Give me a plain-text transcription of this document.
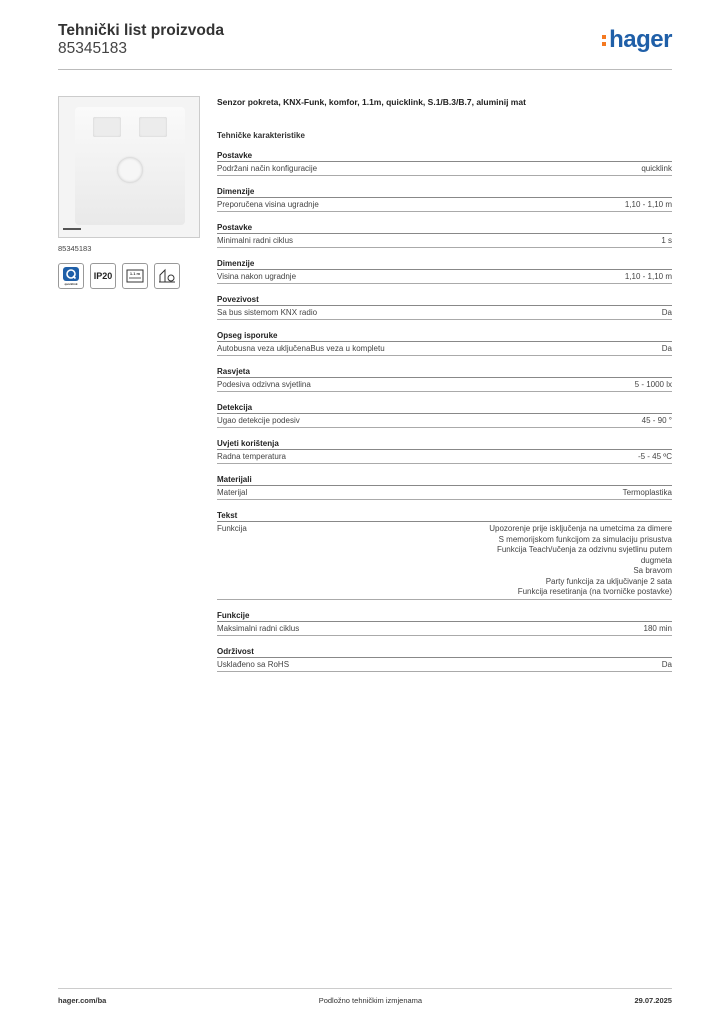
Tehnički list proizvoda
85345183	hager
85345183
quicklink
IP20	1.1 m
Senzor pokreta, KNX-Funk, komfor, 1.1m, quicklink, S.1/B.3/B.7, aluminij mat
Tehničke karakteristike
Postavke
Podržani način konfiguracije	quicklink
Dimenzije
Preporučena visina ugradnje	1,10 - 1,10 m
Postavke
Minimalni radni ciklus	1 s
Dimenzije
Visina nakon ugradnje	1,10 - 1,10 m
Povezivost
Sa bus sistemom KNX radio	Da
Opseg isporuke
Autobusna veza uključenaBus veza u kompletu	Da
Rasvjeta
Podesiva odzivna svjetlina	5 - 1000 lx
Detekcija
Ugao detekcije podesiv	45 - 90 °
Uvjeti korištenja
Radna temperatura	-5 - 45 ºC
Materijali
Materijal	Termoplastika
Tekst
Funkcija	Upozorenje prije isključenja na umetcima za dimere
S memorijskom funkcijom za simulaciju prisustva
Funkcija Teach/učenja za odzivnu svjetlinu putem
dugmeta
Sa bravom
Party funkcija za uključivanje 2 sata
Funkcija resetiranja (na tvorničke postavke)
Funkcije
Maksimalni radni ciklus	180 min
Održivost
Usklađeno sa RoHS	Da
hager.com/ba	Podložno tehničkim izmjenama	29.07.2025
